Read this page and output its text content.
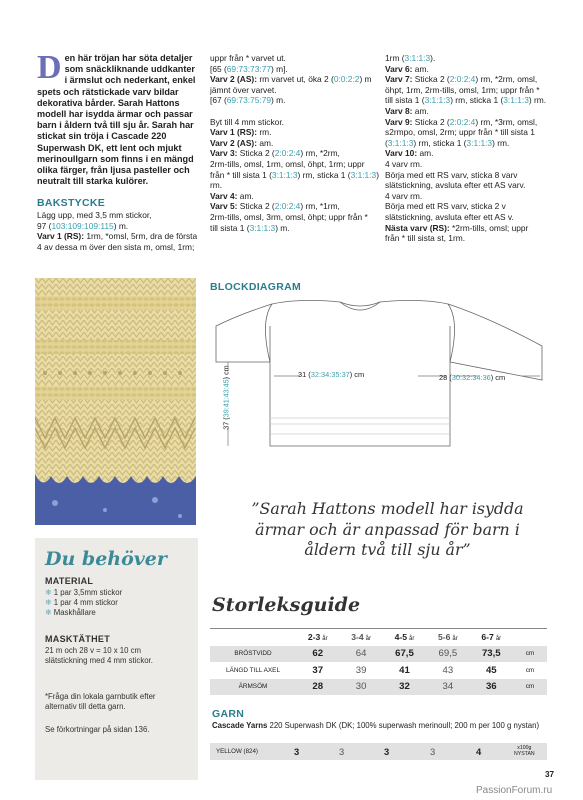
Den här tröjan har söta detaljer som snäckliknande uddkanter i ärmslut och nederkant, enkel spets och rätstickade varv bildar dekorativa bårder. Sarah Hattons modell har isydda ärmar och passar barn i åldern två till sju år. Sarah har stickat sin tröja i Cascade 220 Superwash DK, ett lent och mjukt merinoullgarn som finns i en mängd olika färger, från ljusa pasteller och neutralt till starka kulörer.
BAKSTYCKE

Lägg upp, med 3,5 mm stickor,

97 (103:109:109:115) m.

Varv 1 (RS): 1rm, *omsl, 5rm, dra de första 4 av dessa m över den sista m, omsl, 1rm;

uppr från * varvet ut.

[65 (69:73:73:77) m].

Varv 2 (AS): rm varvet ut, öka 2 (0:0:2:2) m

jämnt över varvet.

[67 (69:73:75:79) m.

Byt till 4 mm stickor.

Varv 1 (RS): rm.

Varv 2 (AS): am.

Varv 3: Sticka 2 (2:0:2:4) rm, *2rm,

2rm-tills, omsl, 1rm, omsl, öhpt, 1rm; uppr

från * till sista 1 (3:1:1:3) rm, sticka 1 (3:1:1:3) rm.

Varv 4: am.

Varv 5: Sticka 2 (2:0:2:4) rm, *1rm,

2rm-tills, omsl, 3rm, omsl, öhpt; uppr från *

till sista 1 (3:1:1:3) m.

1rm (3:1:1:3).

Varv 6: am.

Varv 7: Sticka 2 (2:0:2:4) rm, *2rm, omsl,

öhpt, 1rm, 2rm-tills, omsl, 1rm; uppr från *

till sista 1 (3:1:1:3) rm, sticka 1 (3:1:1:3) rm.

Varv 8: am.

Varv 9: Sticka 2 (2:0:2:4) rm, *3rm, omsl,

s2rmpo, omsl, 2rm; uppr från * till sista 1

(3:1:1:3) rm, sticka 1 (3:1:1:3) rm.

Varv 10: am.

4 varv rm.

Börja med ett RS varv, sticka 8 varv

slätstickning, avsluta efter ett AS varv.

4 varv rm.

Börja med ett RS varv, sticka 2 v

slätstickning, avsluta efter ett AS v.

Nästa varv (RS): *2rm-tills, omsl; uppr

från * till sista st, 1rm.

BLOCKDIAGRAM
31 (32:34:35:37) cm	28 (30:32:34:36) cm
37 (39:41:43:45) cm
”Sarah Hattons modell har isydda
ärmar och är anpassad för barn i
åldern två till sju år”
Du behöver
MATERIAL
❄ 1 par 3,5mm stickor
❄ 1 par 4 mm stickor
❄ Maskhållare
MASKTÄTHET
21 m och 28 v = 10 x 10 cm
slätstickning med 4 mm stickor.
*Fråga din lokala garnbutik efter
alternativ till detta garn.
Se förkortningar på sidan 136.
Storleksguide
	2-3 år	3-4 år	4-5 år	5-6 år	6-7 år	
BRÖSTVIDD	62	64	67,5	69,5	73,5	cm
LÄNGD TILL AXEL	37	39	41	43	45	cm
ÄRMSÖM	28	30	32	34	36	cm
GARN
Cascade Yarns 220 Superwash DK (DK; 100% superwash merinoull; 200 m per 100 g nystan)
YELLOW (824)	3	3	3	3	4	x100g
NYSTAN
37
PassionForum.ru
